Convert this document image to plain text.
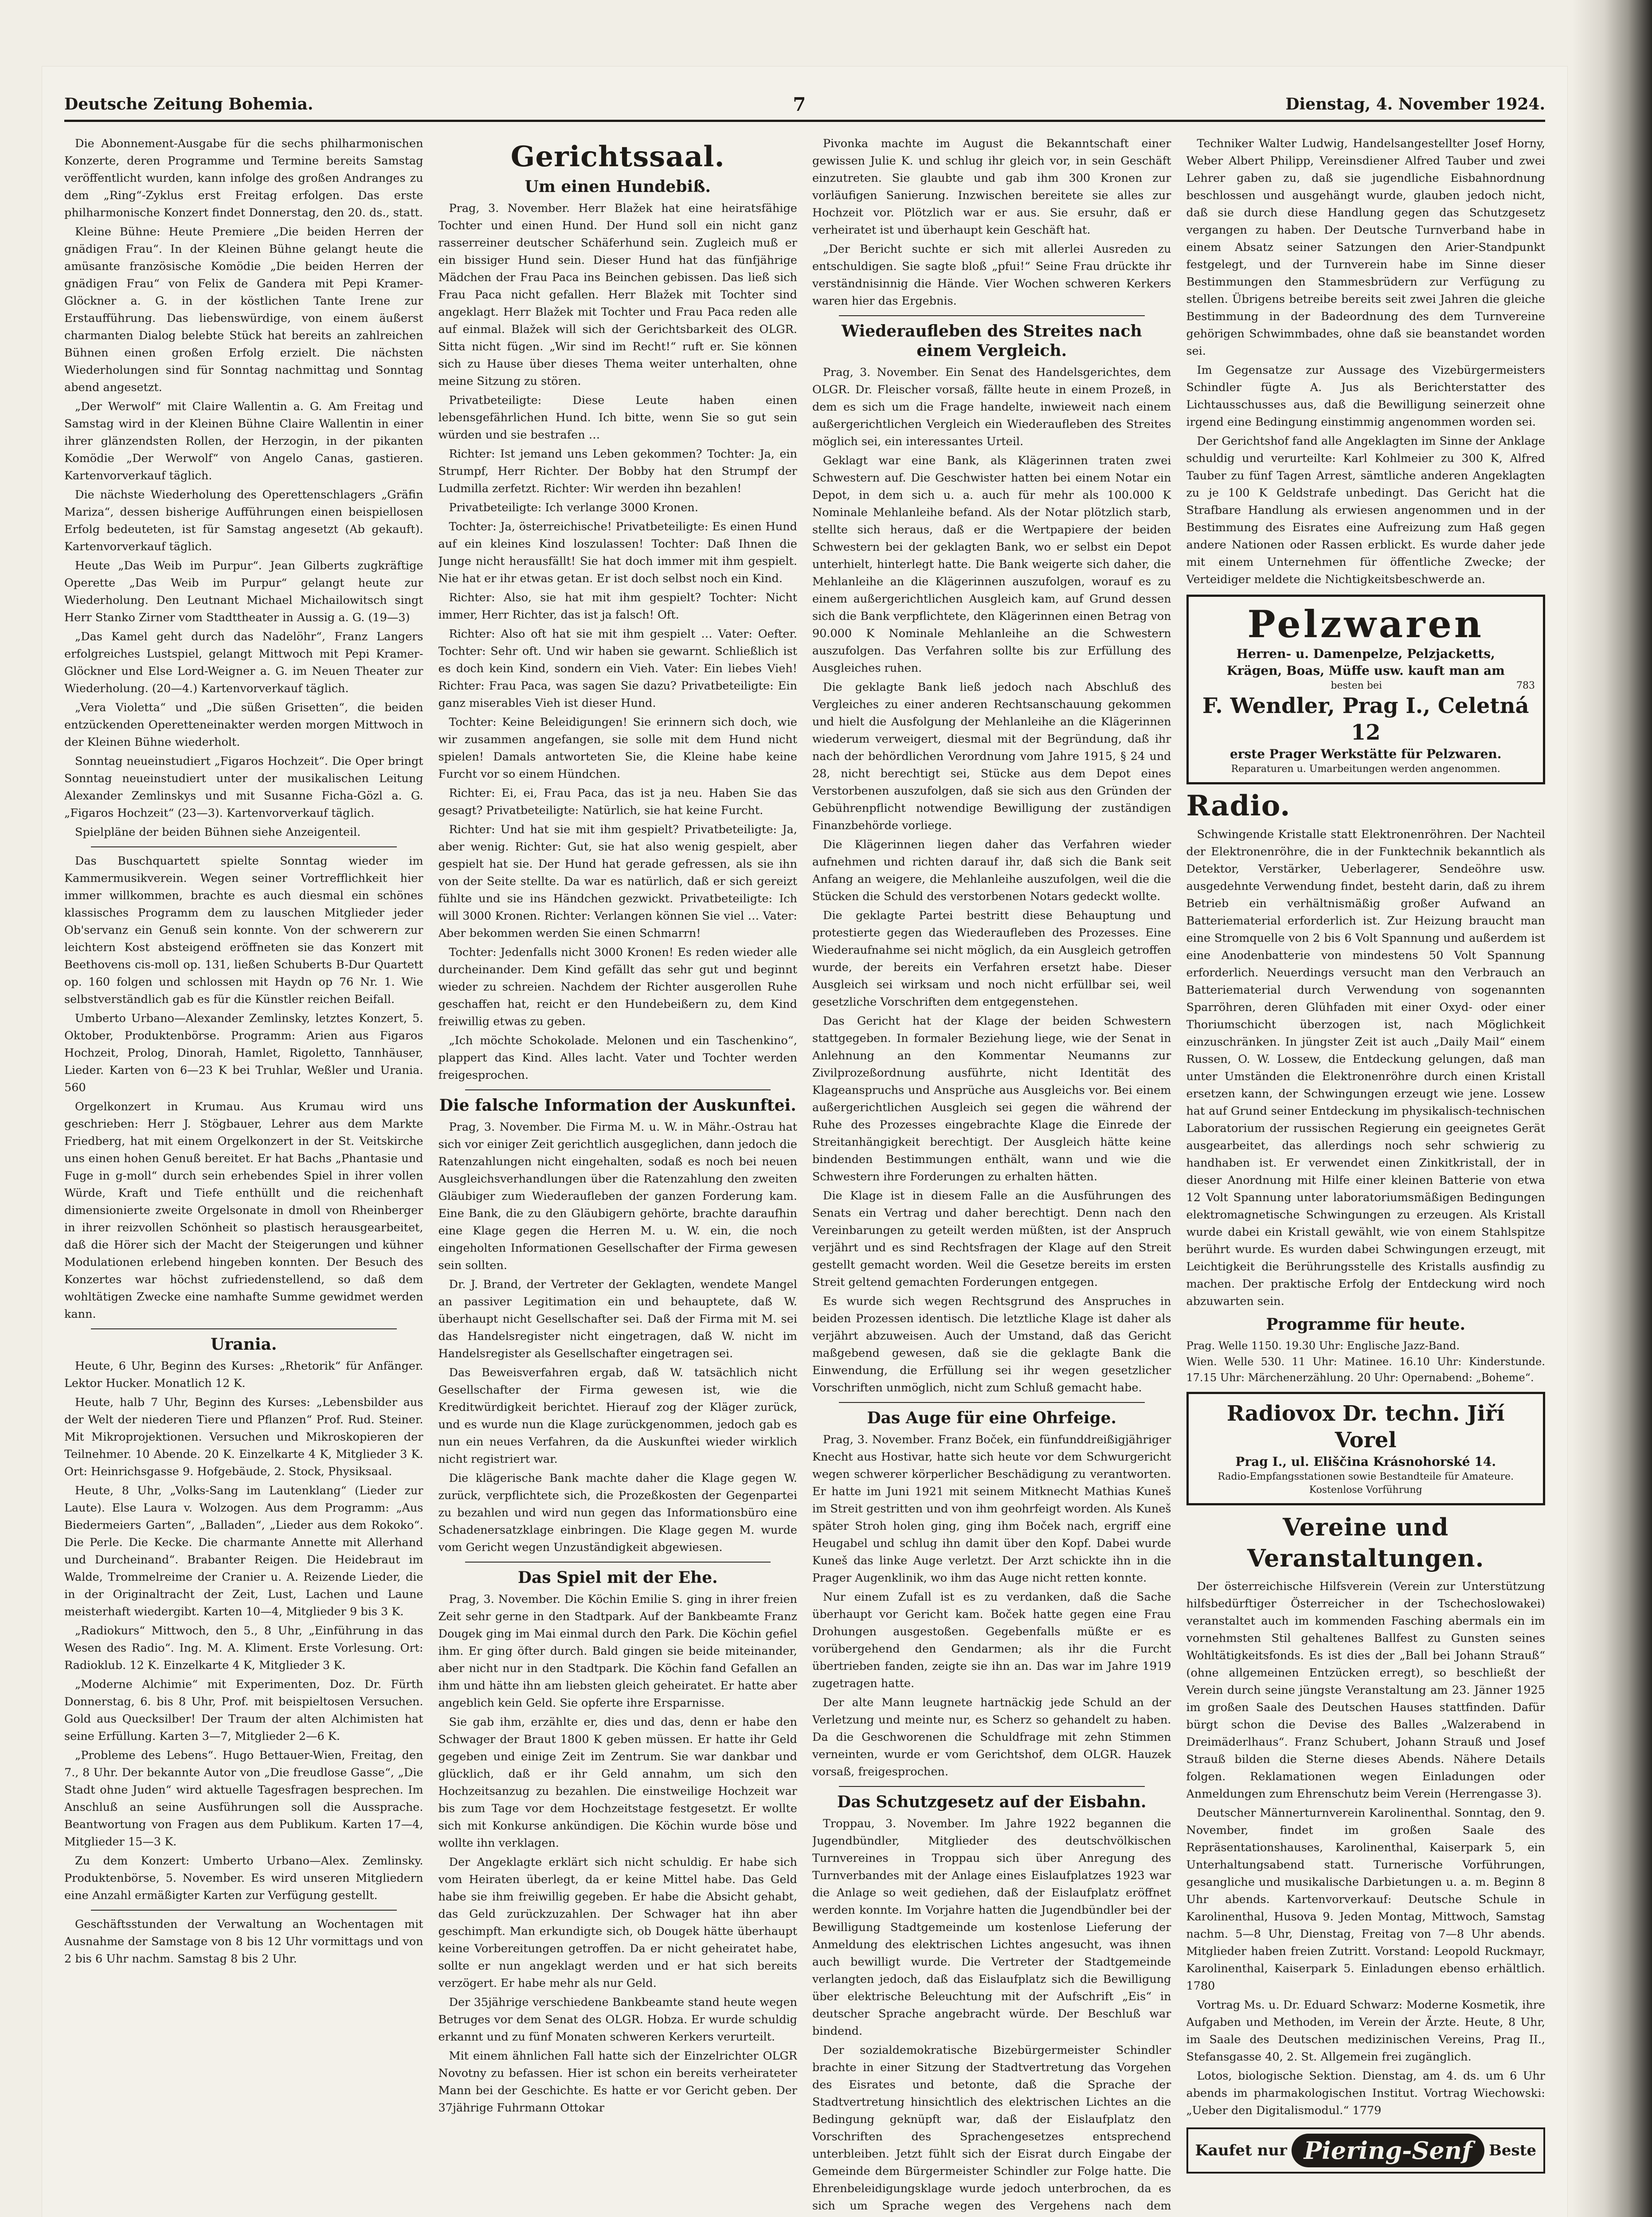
Deutsche Zeitung Bohemia.	7	Dienstag, 4. November 1924.

Die Abonnement-Ausgabe für die sechs philharmonischen Konzerte, deren Programme und Termine bereits Samstag veröffentlicht wurden, kann infolge des großen Andranges zu dem „Ring“-Zyklus erst Freitag erfolgen. Das erste philharmonische Konzert findet Donnerstag, den 20. ds., statt.

Kleine Bühne: Heute Premiere „Die beiden Herren der gnädigen Frau“. In der Kleinen Bühne gelangt heute die amüsante französische Komödie „Die beiden Herren der gnädigen Frau“ von Felix de Gandera mit Pepi Kramer-Glöckner a. G. in der köstlichen Tante Irene zur Erstaufführung. Das liebenswürdige, von einem äußerst charmanten Dialog belebte Stück hat bereits an zahlreichen Bühnen einen großen Erfolg erzielt. Die nächsten Wiederholungen sind für Sonntag nachmittag und Sonntag abend angesetzt.

„Der Werwolf“ mit Claire Wallentin a. G. Am Freitag und Samstag wird in der Kleinen Bühne Claire Wallentin in einer ihrer glänzendsten Rollen, der Herzogin, in der pikanten Komödie „Der Werwolf“ von Angelo Canas, gastieren. Kartenvorverkauf täglich.

Die nächste Wiederholung des Operettenschlagers „Gräfin Mariza“, dessen bisherige Aufführungen einen beispiellosen Erfolg bedeuteten, ist für Samstag angesetzt (Ab gekauft). Kartenvorverkauf täglich.

Heute „Das Weib im Purpur“. Jean Gilberts zugkräftige Operette „Das Weib im Purpur“ gelangt heute zur Wiederholung. Den Leutnant Michael Michailowitsch singt Herr Stanko Zirner vom Stadttheater in Aussig a. G. (19—3)

„Das Kamel geht durch das Nadelöhr“, Franz Langers erfolgreiches Lustspiel, gelangt Mittwoch mit Pepi Kramer-Glöckner und Else Lord-Weigner a. G. im Neuen Theater zur Wiederholung. (20—4.) Kartenvorverkauf täglich.

„Vera Violetta“ und „Die süßen Grisetten“, die beiden entzückenden Operetteneinakter werden morgen Mittwoch in der Kleinen Bühne wiederholt.

Sonntag neueinstudiert „Figaros Hochzeit“. Die Oper bringt Sonntag neueinstudiert unter der musikalischen Leitung Alexander Zemlinskys und mit Susanne Ficha-Gözl a. G. „Figaros Hochzeit“ (23—3). Kartenvorverkauf täglich.

Spielpläne der beiden Bühnen siehe Anzeigenteil.

Das Buschquartett spielte Sonntag wieder im Kammermusikverein. Wegen seiner Vortrefflichkeit hier immer willkommen, brachte es auch diesmal ein schönes klassisches Programm dem zu lauschen Mitglieder jeder Ob'servanz ein Genuß sein konnte. Von der schwerern zur leichtern Kost absteigend eröffneten sie das Konzert mit Beethovens cis-moll op. 131, ließen Schuberts B-Dur Quartett op. 160 folgen und schlossen mit Haydn op 76 Nr. 1. Wie selbstverständlich gab es für die Künstler reichen Beifall.

Umberto Urbano—Alexander Zemlinsky, letztes Konzert, 5. Oktober, Produktenbörse. Programm: Arien aus Figaros Hochzeit, Prolog, Dinorah, Hamlet, Rigoletto, Tannhäuser, Lieder. Karten von 6—23 K bei Truhlar, Weßler und Urania. 560

Orgelkonzert in Krumau. Aus Krumau wird uns geschrieben: Herr J. Stögbauer, Lehrer aus dem Markte Friedberg, hat mit einem Orgelkonzert in der St. Veitskirche uns einen hohen Genuß bereitet. Er hat Bachs „Phantasie und Fuge in g-moll“ durch sein erhebendes Spiel in ihrer vollen Würde, Kraft und Tiefe enthüllt und die reichenhaft dimensionierte zweite Orgelsonate in dmoll von Rheinberger in ihrer reizvollen Schönheit so plastisch herausgearbeitet, daß die Hörer sich der Macht der Steigerungen und kühner Modulationen erlebend hingeben konnten. Der Besuch des Konzertes war höchst zufriedenstellend, so daß dem wohltätigen Zwecke eine namhafte Summe gewidmet werden kann.

Urania.

Heute, 6 Uhr, Beginn des Kurses: „Rhetorik“ für Anfänger. Lektor Hucker. Monatlich 12 K.

Heute, halb 7 Uhr, Beginn des Kurses: „Lebensbilder aus der Welt der niederen Tiere und Pflanzen“ Prof. Rud. Steiner. Mit Mikroprojektionen. Versuchen und Mikroskopieren der Teilnehmer. 10 Abende. 20 K. Einzelkarte 4 K, Mitglieder 3 K. Ort: Heinrichsgasse 9. Hofgebäude, 2. Stock, Physiksaal.

Heute, 8 Uhr, „Volks-Sang im Lautenklang“ (Lieder zur Laute). Else Laura v. Wolzogen. Aus dem Programm: „Aus Biedermeiers Garten“, „Balladen“, „Lieder aus dem Rokoko“. Die Perle. Die Kecke. Die charmante Annette mit Allerhand und Durcheinand“. Brabanter Reigen. Die Heidebraut im Walde, Trommelreime der Cranier u. A. Reizende Lieder, die in der Originaltracht der Zeit, Lust, Lachen und Laune meisterhaft wiedergibt. Karten 10—4, Mitglieder 9 bis 3 K.

„Radiokurs“ Mittwoch, den 5., 8 Uhr, „Einführung in das Wesen des Radio“. Ing. M. A. Kliment. Erste Vorlesung. Ort: Radioklub. 12 K. Einzelkarte 4 K, Mitglieder 3 K.

„Moderne Alchimie“ mit Experimenten, Doz. Dr. Fürth Donnerstag, 6. bis 8 Uhr, Prof. mit beispieltosen Versuchen. Gold aus Quecksilber! Der Traum der alten Alchimisten hat seine Erfüllung. Karten 3—7, Mitglieder 2—6 K.

„Probleme des Lebens“. Hugo Bettauer-Wien, Freitag, den 7., 8 Uhr. Der bekannte Autor von „Die freudlose Gasse“, „Die Stadt ohne Juden“ wird aktuelle Tagesfragen besprechen. Im Anschluß an seine Ausführungen soll die Aussprache. Beantwortung von Fragen aus dem Publikum. Karten 17—4, Mitglieder 15—3 K.

Zu dem Konzert: Umberto Urbano—Alex. Zemlinsky. Produktenbörse, 5. November. Es wird unseren Mitgliedern eine Anzahl ermäßigter Karten zur Verfügung gestellt.

Geschäftsstunden der Verwaltung an Wochentagen mit Ausnahme der Samstage von 8 bis 12 Uhr vormittags und von 2 bis 6 Uhr nachm. Samstag 8 bis 2 Uhr.

Gerichtssaal.
Um einen Hundebiß.

Prag, 3. November. Herr Blažek hat eine heiratsfähige Tochter und einen Hund. Der Hund soll ein nicht ganz rasserreiner deutscher Schäferhund sein. Zugleich muß er ein bissiger Hund sein. Dieser Hund hat das fünfjährige Mädchen der Frau Paca ins Beinchen gebissen. Das ließ sich Frau Paca nicht gefallen. Herr Blažek mit Tochter sind angeklagt. Herr Blažek mit Tochter und Frau Paca reden alle auf einmal. Blažek will sich der Gerichtsbarkeit des OLGR. Sitta nicht fügen. „Wir sind im Recht!“ ruft er. Sie können sich zu Hause über dieses Thema weiter unterhalten, ohne meine Sitzung zu stören.

Privatbeteiligte: Diese Leute haben einen lebensgefährlichen Hund. Ich bitte, wenn Sie so gut sein würden und sie bestrafen …

Richter: Ist jemand uns Leben gekommen? Tochter: Ja, ein Strumpf, Herr Richter. Der Bobby hat den Strumpf der Ludmilla zerfetzt. Richter: Wir werden ihn bezahlen!

Privatbeteiligte: Ich verlange 3000 Kronen.

Tochter: Ja, österreichische! Privatbeteiligte: Es einen Hund auf ein kleines Kind loszulassen! Tochter: Daß Ihnen die Junge nicht herausfällt! Sie hat doch immer mit ihm gespielt. Nie hat er ihr etwas getan. Er ist doch selbst noch ein Kind.

Richter: Also, sie hat mit ihm gespielt? Tochter: Nicht immer, Herr Richter, das ist ja falsch! Oft.

Richter: Also oft hat sie mit ihm gespielt … Vater: Oefter. Tochter: Sehr oft. Und wir haben sie gewarnt. Schließlich ist es doch kein Kind, sondern ein Vieh. Vater: Ein liebes Vieh! Richter: Frau Paca, was sagen Sie dazu? Privatbeteiligte: Ein ganz miserables Vieh ist dieser Hund.

Tochter: Keine Beleidigungen! Sie erinnern sich doch, wie wir zusammen angefangen, sie solle mit dem Hund nicht spielen! Damals antworteten Sie, die Kleine habe keine Furcht vor so einem Hündchen.

Richter: Ei, ei, Frau Paca, das ist ja neu. Haben Sie das gesagt? Privatbeteiligte: Natürlich, sie hat keine Furcht.

Richter: Und hat sie mit ihm gespielt? Privatbeteiligte: Ja, aber wenig. Richter: Gut, sie hat also wenig gespielt, aber gespielt hat sie. Der Hund hat gerade gefressen, als sie ihn von der Seite stellte. Da war es natürlich, daß er sich gereizt fühlte und sie ins Händchen gezwickt. Privatbeteiligte: Ich will 3000 Kronen. Richter: Verlangen können Sie viel … Vater: Aber bekommen werden Sie einen Schmarrn!

Tochter: Jedenfalls nicht 3000 Kronen! Es reden wieder alle durcheinander. Dem Kind gefällt das sehr gut und beginnt wieder zu schreien. Nachdem der Richter ausgerollen Ruhe geschaffen hat, reicht er den Hundebeißern zu, dem Kind freiwillig etwas zu geben.

„Ich möchte Schokolade. Melonen und ein Taschenkino“, plappert das Kind. Alles lacht. Vater und Tochter werden freigesprochen.

Die falsche Information der Auskunftei.

Prag, 3. November. Die Firma M. u. W. in Mähr.-Ostrau hat sich vor einiger Zeit gerichtlich ausgeglichen, dann jedoch die Ratenzahlungen nicht eingehalten, sodaß es noch bei neuen Ausgleichsverhandlungen über die Ratenzahlung den zweiten Gläubiger zum Wiederaufleben der ganzen Forderung kam. Eine Bank, die zu den Gläubigern gehörte, brachte daraufhin eine Klage gegen die Herren M. u. W. ein, die noch eingeholten Informationen Gesellschafter der Firma gewesen sein sollten.

Dr. J. Brand, der Vertreter der Geklagten, wendete Mangel an passiver Legitimation ein und behauptete, daß W. überhaupt nicht Gesellschafter sei. Daß der Firma mit M. sei das Handelsregister nicht eingetragen, daß W. nicht im Handelsregister als Gesellschafter eingetragen sei.

Das Beweisverfahren ergab, daß W. tatsächlich nicht Gesellschafter der Firma gewesen ist, wie die Kreditwürdigkeit berichtet. Hierauf zog der Kläger zurück, und es wurde nun die Klage zurückgenommen, jedoch gab es nun ein neues Verfahren, da die Auskunftei wieder wirklich nicht registriert war.

Die klägerische Bank machte daher die Klage gegen W. zurück, verpflichtete sich, die Prozeßkosten der Gegenpartei zu bezahlen und wird nun gegen das Informationsbüro eine Schadenersatzklage einbringen. Die Klage gegen M. wurde vom Gericht wegen Unzuständigkeit abgewiesen.

Das Spiel mit der Ehe.

Prag, 3. November. Die Köchin Emilie S. ging in ihrer freien Zeit sehr gerne in den Stadtpark. Auf der Bankbeamte Franz Dougek ging im Mai einmal durch den Park. Die Köchin gefiel ihm. Er ging öfter durch. Bald gingen sie beide miteinander, aber nicht nur in den Stadtpark. Die Köchin fand Gefallen an ihm und hätte ihn am liebsten gleich geheiratet. Er hatte aber angeblich kein Geld. Sie opferte ihre Ersparnisse.

Sie gab ihm, erzählte er, dies und das, denn er habe den Schwager der Braut 1800 K geben müssen. Er hatte ihr Geld gegeben und einige Zeit im Zentrum. Sie war dankbar und glücklich, daß er ihr Geld annahm, um sich den Hochzeitsanzug zu bezahlen. Die einstweilige Hochzeit war bis zum Tage vor dem Hochzeitstage festgesetzt. Er wollte sich mit Konkurse ankündigen. Die Köchin wurde böse und wollte ihn verklagen.

Der Angeklagte erklärt sich nicht schuldig. Er habe sich vom Heiraten überlegt, da er keine Mittel habe. Das Geld habe sie ihm freiwillig gegeben. Er habe die Absicht gehabt, das Geld zurückzuzahlen. Der Schwager hat ihn aber geschimpft. Man erkundigte sich, ob Dougek hätte überhaupt keine Vorbereitungen getroffen. Da er nicht geheiratet habe, sollte er nun angeklagt werden und er hat sich bereits verzögert. Er habe mehr als nur Geld.

Der 35jährige verschiedene Bankbeamte stand heute wegen Betruges vor dem Senat des OLGR. Hobza. Er wurde schuldig erkannt und zu fünf Monaten schweren Kerkers verurteilt.

Mit einem ähnlichen Fall hatte sich der Einzelrichter OLGR Novotny zu befassen. Hier ist schon ein bereits verheirateter Mann bei der Geschichte. Es hatte er vor Gericht geben. Der 37jährige Fuhrmann Ottokar

Pivonka machte im August die Bekanntschaft einer gewissen Julie K. und schlug ihr gleich vor, in sein Geschäft einzutreten. Sie glaubte und gab ihm 300 Kronen zur vorläufigen Sanierung. Inzwischen bereitete sie alles zur Hochzeit vor. Plötzlich war er aus. Sie ersuhr, daß er verheiratet ist und überhaupt kein Geschäft hat.

„Der Bericht suchte er sich mit allerlei Ausreden zu entschuldigen. Sie sagte bloß „pfui!“ Seine Frau drückte ihr verständnisinnig die Hände. Vier Wochen schweren Kerkers waren hier das Ergebnis.

Wiederaufleben des Streites nach einem Vergleich.

Prag, 3. November. Ein Senat des Handelsgerichtes, dem OLGR. Dr. Fleischer vorsaß, fällte heute in einem Prozeß, in dem es sich um die Frage handelte, inwieweit nach einem außergerichtlichen Vergleich ein Wiederaufleben des Streites möglich sei, ein interessantes Urteil.

Geklagt war eine Bank, als Klägerinnen traten zwei Schwestern auf. Die Geschwister hatten bei einem Notar ein Depot, in dem sich u. a. auch für mehr als 100.000 K Nominale Mehlanleihe befand. Als der Notar plötzlich starb, stellte sich heraus, daß er die Wertpapiere der beiden Schwestern bei der geklagten Bank, wo er selbst ein Depot unterhielt, hinterlegt hatte. Die Bank weigerte sich daher, die Mehlanleihe an die Klägerinnen auszufolgen, worauf es zu einem außergerichtlichen Ausgleich kam, auf Grund dessen sich die Bank verpflichtete, den Klägerinnen einen Betrag von 90.000 K Nominale Mehlanleihe an die Schwestern auszufolgen. Das Verfahren sollte bis zur Erfüllung des Ausgleiches ruhen.

Die geklagte Bank ließ jedoch nach Abschluß des Vergleiches zu einer anderen Rechtsanschauung gekommen und hielt die Ausfolgung der Mehlanleihe an die Klägerinnen wiederum verweigert, diesmal mit der Begründung, daß ihr nach der behördlichen Verordnung vom Jahre 1915, § 24 und 28, nicht berechtigt sei, Stücke aus dem Depot eines Verstorbenen auszufolgen, daß sie sich aus den Gründen der Gebührenpflicht notwendige Bewilligung der zuständigen Finanzbehörde vorliege.

Die Klägerinnen liegen daher das Verfahren wieder aufnehmen und richten darauf ihr, daß sich die Bank seit Anfang an weigere, die Mehlanleihe auszufolgen, weil die die Stücken die Schuld des verstorbenen Notars gedeckt wollte.

Die geklagte Partei bestritt diese Behauptung und protestierte gegen das Wiederaufleben des Prozesses. Eine Wiederaufnahme sei nicht möglich, da ein Ausgleich getroffen wurde, der bereits ein Verfahren ersetzt habe. Dieser Ausgleich sei wirksam und noch nicht erfüllbar sei, weil gesetzliche Vorschriften dem entgegenstehen.

Das Gericht hat der Klage der beiden Schwestern stattgegeben. In formaler Beziehung liege, wie der Senat in Anlehnung an den Kommentar Neumanns zur Zivilprozeßordnung ausführte, nicht Identität des Klageanspruchs und Ansprüche aus Ausgleichs vor. Bei einem außergerichtlichen Ausgleich sei gegen die während der Ruhe des Prozesses eingebrachte Klage die Einrede der Streitanhängigkeit berechtigt. Der Ausgleich hätte keine bindenden Bestimmungen enthält, wann und wie die Schwestern ihre Forderungen zu erhalten hätten.

Die Klage ist in diesem Falle an die Ausführungen des Senats ein Vertrag und daher berechtigt. Denn nach den Vereinbarungen zu geteilt werden müßten, ist der Anspruch verjährt und es sind Rechtsfragen der Klage auf den Streit gestellt gemacht worden. Weil die Gesetze bereits im ersten Streit geltend gemachten Forderungen entgegen.

Es wurde sich wegen Rechtsgrund des Anspruches in beiden Prozessen identisch. Die letztliche Klage ist daher als verjährt abzuweisen. Auch der Umstand, daß das Gericht maßgebend gewesen, daß sie die geklagte Bank die Einwendung, die Erfüllung sei ihr wegen gesetzlicher Vorschriften unmöglich, nicht zum Schluß gemacht habe.

Das Auge für eine Ohrfeige.

Prag, 3. November. Franz Boček, ein fünfunddreißigjähriger Knecht aus Hostivar, hatte sich heute vor dem Schwurgericht wegen schwerer körperlicher Beschädigung zu verantworten. Er hatte im Juni 1921 mit seinem Mitknecht Mathias Kuneš im Streit gestritten und von ihm geohrfeigt worden. Als Kuneš später Stroh holen ging, ging ihm Boček nach, ergriff eine Heugabel und schlug ihn damit über den Kopf. Dabei wurde Kuneš das linke Auge verletzt. Der Arzt schickte ihn in die Prager Augenklinik, wo ihm das Auge nicht retten konnte.

Nur einem Zufall ist es zu verdanken, daß die Sache überhaupt vor Gericht kam. Boček hatte gegen eine Frau Drohungen ausgestoßen. Gegebenfalls müßte er es vorübergehend den Gendarmen; als ihr die Furcht übertrieben fanden, zeigte sie ihn an. Das war im Jahre 1919 zugetragen hatte.

Der alte Mann leugnete hartnäckig jede Schuld an der Verletzung und meinte nur, es Scherz so gehandelt zu haben. Da die Geschworenen die Schuldfrage mit zehn Stimmen verneinten, wurde er vom Gerichtshof, dem OLGR. Hauzek vorsaß, freigesprochen.

Das Schutzgesetz auf der Eisbahn.

Troppau, 3. November. Im Jahre 1922 begannen die Jugendbündler, Mitglieder des deutschvölkischen Turnvereines in Troppau sich über Anregung des Turnverbandes mit der Anlage eines Eislaufplatzes 1923 war die Anlage so weit gediehen, daß der Eislaufplatz eröffnet werden konnte. Im Vorjahre hatten die Jugendbündler bei der Bewilligung Stadtgemeinde um kostenlose Lieferung der Anmeldung des elektrischen Lichtes angesucht, was ihnen auch bewilligt wurde. Die Vertreter der Stadtgemeinde verlangten jedoch, daß das Eislaufplatz sich die Bewilligung über elektrische Beleuchtung mit der Aufschrift „Eis“ in deutscher Sprache angebracht würde. Der Beschluß war bindend.

Der sozialdemokratische Bizebürgermeister Schindler brachte in einer Sitzung der Stadtvertretung das Vorgehen des Eisrates und betonte, daß die Sprache der Stadtvertretung hinsichtlich des elektrischen Lichtes an die Bedingung geknüpft war, daß der Eislaufplatz den Vorschriften des Sprachengesetzes entsprechend unterbleiben. Jetzt fühlt sich der Eisrat durch Eingabe der Gemeinde dem Bürgermeister Schindler zur Folge hatte. Die Ehrenbeleidigungsklage wurde jedoch unterbrochen, da es sich um Sprache wegen des Vergehens nach dem

Techniker Walter Ludwig, Handelsangestellter Josef Horny, Weber Albert Philipp, Vereinsdiener Alfred Tauber und zwei Lehrer gaben zu, daß sie jugendliche Eisbahnordnung beschlossen und ausgehängt wurde, glauben jedoch nicht, daß sie durch diese Handlung gegen das Schutzgesetz vergangen zu haben. Der Deutsche Turnverband habe in einem Absatz seiner Satzungen den Arier-Standpunkt festgelegt, und der Turnverein habe im Sinne dieser Bestimmungen den Stammesbrüdern zur Verfügung zu stellen. Übrigens betreibe bereits seit zwei Jahren die gleiche Bestimmung in der Badeordnung des dem Turnvereine gehörigen Schwimmbades, ohne daß sie beanstandet worden sei.

Im Gegensatze zur Aussage des Vizebürgermeisters Schindler fügte A. Jus als Berichterstatter des Lichtausschusses aus, daß die Bewilligung seinerzeit ohne irgend eine Bedingung einstimmig angenommen worden sei.

Der Gerichtshof fand alle Angeklagten im Sinne der Anklage schuldig und verurteilte: Karl Kohlmeier zu 300 K, Alfred Tauber zu fünf Tagen Arrest, sämtliche anderen Angeklagten zu je 100 K Geldstrafe unbedingt. Das Gericht hat die Strafbare Handlung als erwiesen angenommen und in der Bestimmung des Eisrates eine Aufreizung zum Haß gegen andere Nationen oder Rassen erblickt. Es wurde daher jede mit einem Unternehmen für öffentliche Zwecke; der Verteidiger meldete die Nichtigkeitsbeschwerde an.

Pelzwaren
Herren- u. Damenpelze, Pelzjacketts,
Krägen, Boas, Müffe usw. kauft man am
besten bei	783
F. Wendler, Prag I., Celetná 12
erste Prager Werkstätte für Pelzwaren.
Reparaturen u. Umarbeitungen werden angenommen.
Radio.

Schwingende Kristalle statt Elektronenröhren. Der Nachteil der Elektronenröhre, die in der Funktechnik bekanntlich als Detektor, Verstärker, Ueberlagerer, Sendeöhre usw. ausgedehnte Verwendung findet, besteht darin, daß zu ihrem Betrieb ein verhältnismäßig großer Aufwand an Batteriematerial erforderlich ist. Zur Heizung braucht man eine Stromquelle von 2 bis 6 Volt Spannung und außerdem ist eine Anodenbatterie von mindestens 50 Volt Spannung erforderlich. Neuerdings versucht man den Verbrauch an Batteriematerial durch Verwendung von sogenannten Sparröhren, deren Glühfaden mit einer Oxyd- oder einer Thoriumschicht überzogen ist, nach Möglichkeit einzuschränken. In jüngster Zeit ist auch „Daily Mail“ einem Russen, O. W. Lossew, die Entdeckung gelungen, daß man unter Umständen die Elektronenröhre durch einen Kristall ersetzen kann, der Schwingungen erzeugt wie jene. Lossew hat auf Grund seiner Entdeckung im physikalisch-technischen Laboratorium der russischen Regierung ein geeignetes Gerät ausgearbeitet, das allerdings noch sehr schwierig zu handhaben ist. Er verwendet einen Zinkitkristall, der in dieser Anordnung mit Hilfe einer kleinen Batterie von etwa 12 Volt Spannung unter laboratoriumsmäßigen Bedingungen elektromagnetische Schwingungen zu erzeugen. Als Kristall wurde dabei ein Kristall gewählt, wie von einem Stahlspitze berührt wurde. Es wurden dabei Schwingungen erzeugt, mit Leichtigkeit die Berührungsstelle des Kristalls ausfindig zu machen. Der praktische Erfolg der Entdeckung wird noch abzuwarten sein.

Programme für heute.

Prag. Welle 1150. 19.30 Uhr: Englische Jazz-Band.

Wien. Welle 530. 11 Uhr: Matinee. 16.10 Uhr: Kinderstunde. 17.15 Uhr: Märchenerzählung. 20 Uhr: Opernabend: „Boheme“.

Radiovox Dr. techn. Jiří Vorel
Prag I., ul. Eliščina Krásnohorské 14.
Radio-Empfangsstationen sowie Bestandteile für Amateure. Kostenlose Vorführung
Vereine und Veranstaltungen.

Der österreichische Hilfsverein (Verein zur Unterstützung hilfsbedürftiger Österreicher in der Tschechoslowakei) veranstaltet auch im kommenden Fasching abermals ein im vornehmsten Stil gehaltenes Ballfest zu Gunsten seines Wohltätigkeitsfonds. Es ist dies der „Ball bei Johann Strauß“ (ohne allgemeinen Entzücken erregt), so beschließt der Verein durch seine jüngste Veranstaltung am 23. Jänner 1925 im großen Saale des Deutschen Hauses stattfinden. Dafür bürgt schon die Devise des Balles „Walzerabend in Dreimäderlhaus“. Franz Schubert, Johann Strauß und Josef Strauß bilden die Sterne dieses Abends. Nähere Details folgen. Reklamationen wegen Einladungen oder Anmeldungen zum Ehrenschutz beim Verein (Herrengasse 3).

Deutscher Männerturnverein Karolinenthal. Sonntag, den 9. November, findet im großen Saale des Repräsentationshauses, Karolinenthal, Kaiserpark 5, ein Unterhaltungsabend statt. Turnerische Vorführungen, gesangliche und musikalische Darbietungen u. a. m. Beginn 8 Uhr abends. Kartenvorverkauf: Deutsche Schule in Karolinenthal, Husova 9. Jeden Montag, Mittwoch, Samstag nachm. 5—8 Uhr, Dienstag, Freitag von 7—8 Uhr abends. Mitglieder haben freien Zutritt. Vorstand: Leopold Ruckmayr, Karolinenthal, Kaiserpark 5. Einladungen ebenso erhältlich. 1780

Vortrag Ms. u. Dr. Eduard Schwarz: Moderne Kosmetik, ihre Aufgaben und Methoden, im Verein der Ärzte. Heute, 8 Uhr, im Saale des Deutschen medizinischen Vereins, Prag II., Stefansgasse 40, 2. St. Allgemein frei zugänglich.

Lotos, biologische Sektion. Dienstag, am 4. ds. um 6 Uhr abends im pharmakologischen Institut. Vortrag Wiechowski: „Ueber den Digitalismodul.“ 1779

Kaufet nur Piering-Senf	Beste
